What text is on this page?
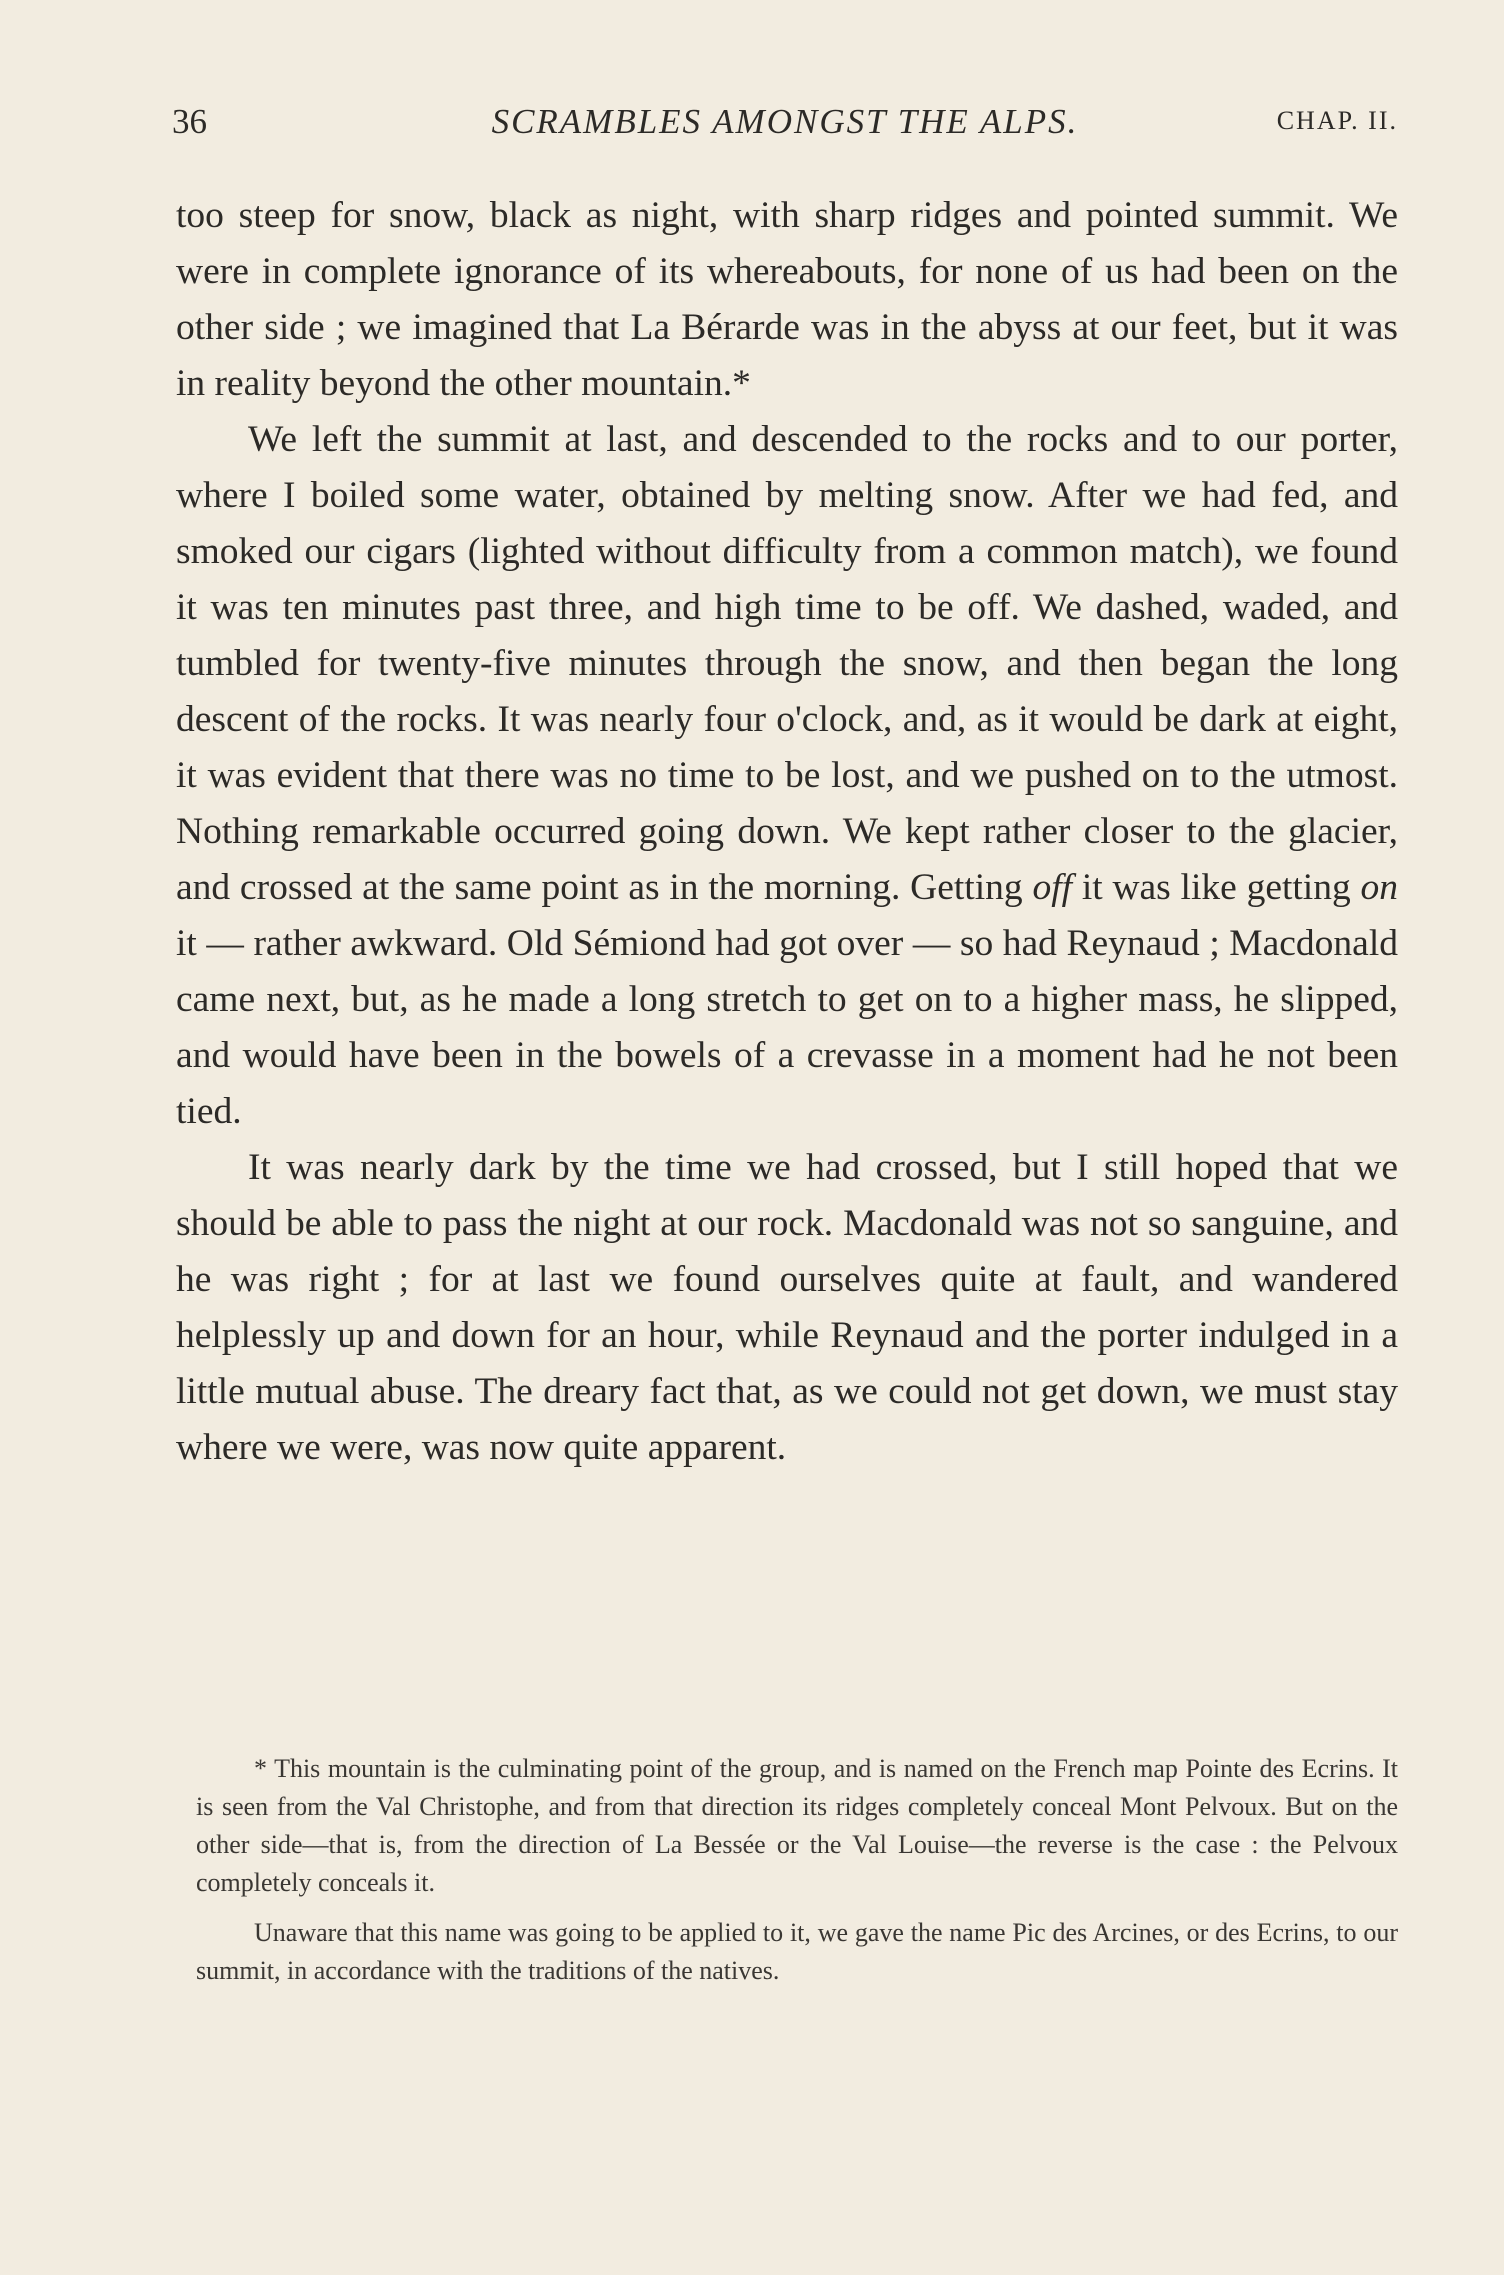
36	SCRAMBLES AMONGST THE ALPS.	CHAP. II.

too steep for snow, black as night, with sharp ridges and pointed summit. We were in complete ignorance of its whereabouts, for none of us had been on the other side ; we imagined that La Bérarde was in the abyss at our feet, but it was in reality beyond the other mountain.*

We left the summit at last, and descended to the rocks and to our porter, where I boiled some water, obtained by melting snow. After we had fed, and smoked our cigars (lighted without difficulty from a common match), we found it was ten minutes past three, and high time to be off. We dashed, waded, and tumbled for twenty-five minutes through the snow, and then began the long descent of the rocks. It was nearly four o'clock, and, as it would be dark at eight, it was evident that there was no time to be lost, and we pushed on to the utmost. Nothing remarkable occurred going down. We kept rather closer to the glacier, and crossed at the same point as in the morning. Getting off it was like getting on it — rather awkward. Old Sémiond had got over — so had Reynaud ; Macdonald came next, but, as he made a long stretch to get on to a higher mass, he slipped, and would have been in the bowels of a crevasse in a moment had he not been tied.

It was nearly dark by the time we had crossed, but I still hoped that we should be able to pass the night at our rock. Macdonald was not so sanguine, and he was right ; for at last we found ourselves quite at fault, and wandered helplessly up and down for an hour, while Reynaud and the porter indulged in a little mutual abuse. The dreary fact that, as we could not get down, we must stay where we were, was now quite apparent.

* This mountain is the culminating point of the group, and is named on the French map Pointe des Ecrins. It is seen from the Val Christophe, and from that direction its ridges completely conceal Mont Pelvoux. But on the other side—that is, from the direction of La Bessée or the Val Louise—the reverse is the case : the Pelvoux completely conceals it.

Unaware that this name was going to be applied to it, we gave the name Pic des Arcines, or des Ecrins, to our summit, in accordance with the traditions of the natives.
